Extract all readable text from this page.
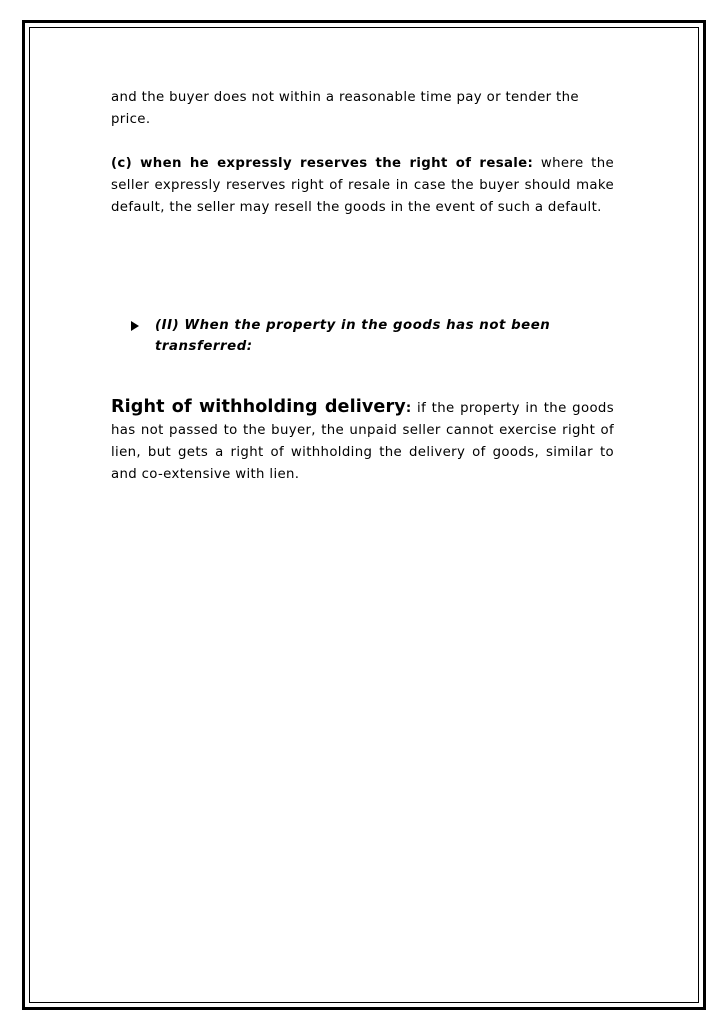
and the buyer does not within a reasonable time pay or tender the price.

(c) when he expressly reserves the right of resale: where the seller expressly reserves right of resale in case the buyer should make default, the seller may resell the goods in the event of such a default.

(II) When the property in the goods has not been transferred:

Right of withholding delivery: if the property in the goods has not passed to the buyer, the unpaid seller cannot exercise right of lien, but gets a right of withholding the delivery of goods, similar to and co-extensive with lien.
